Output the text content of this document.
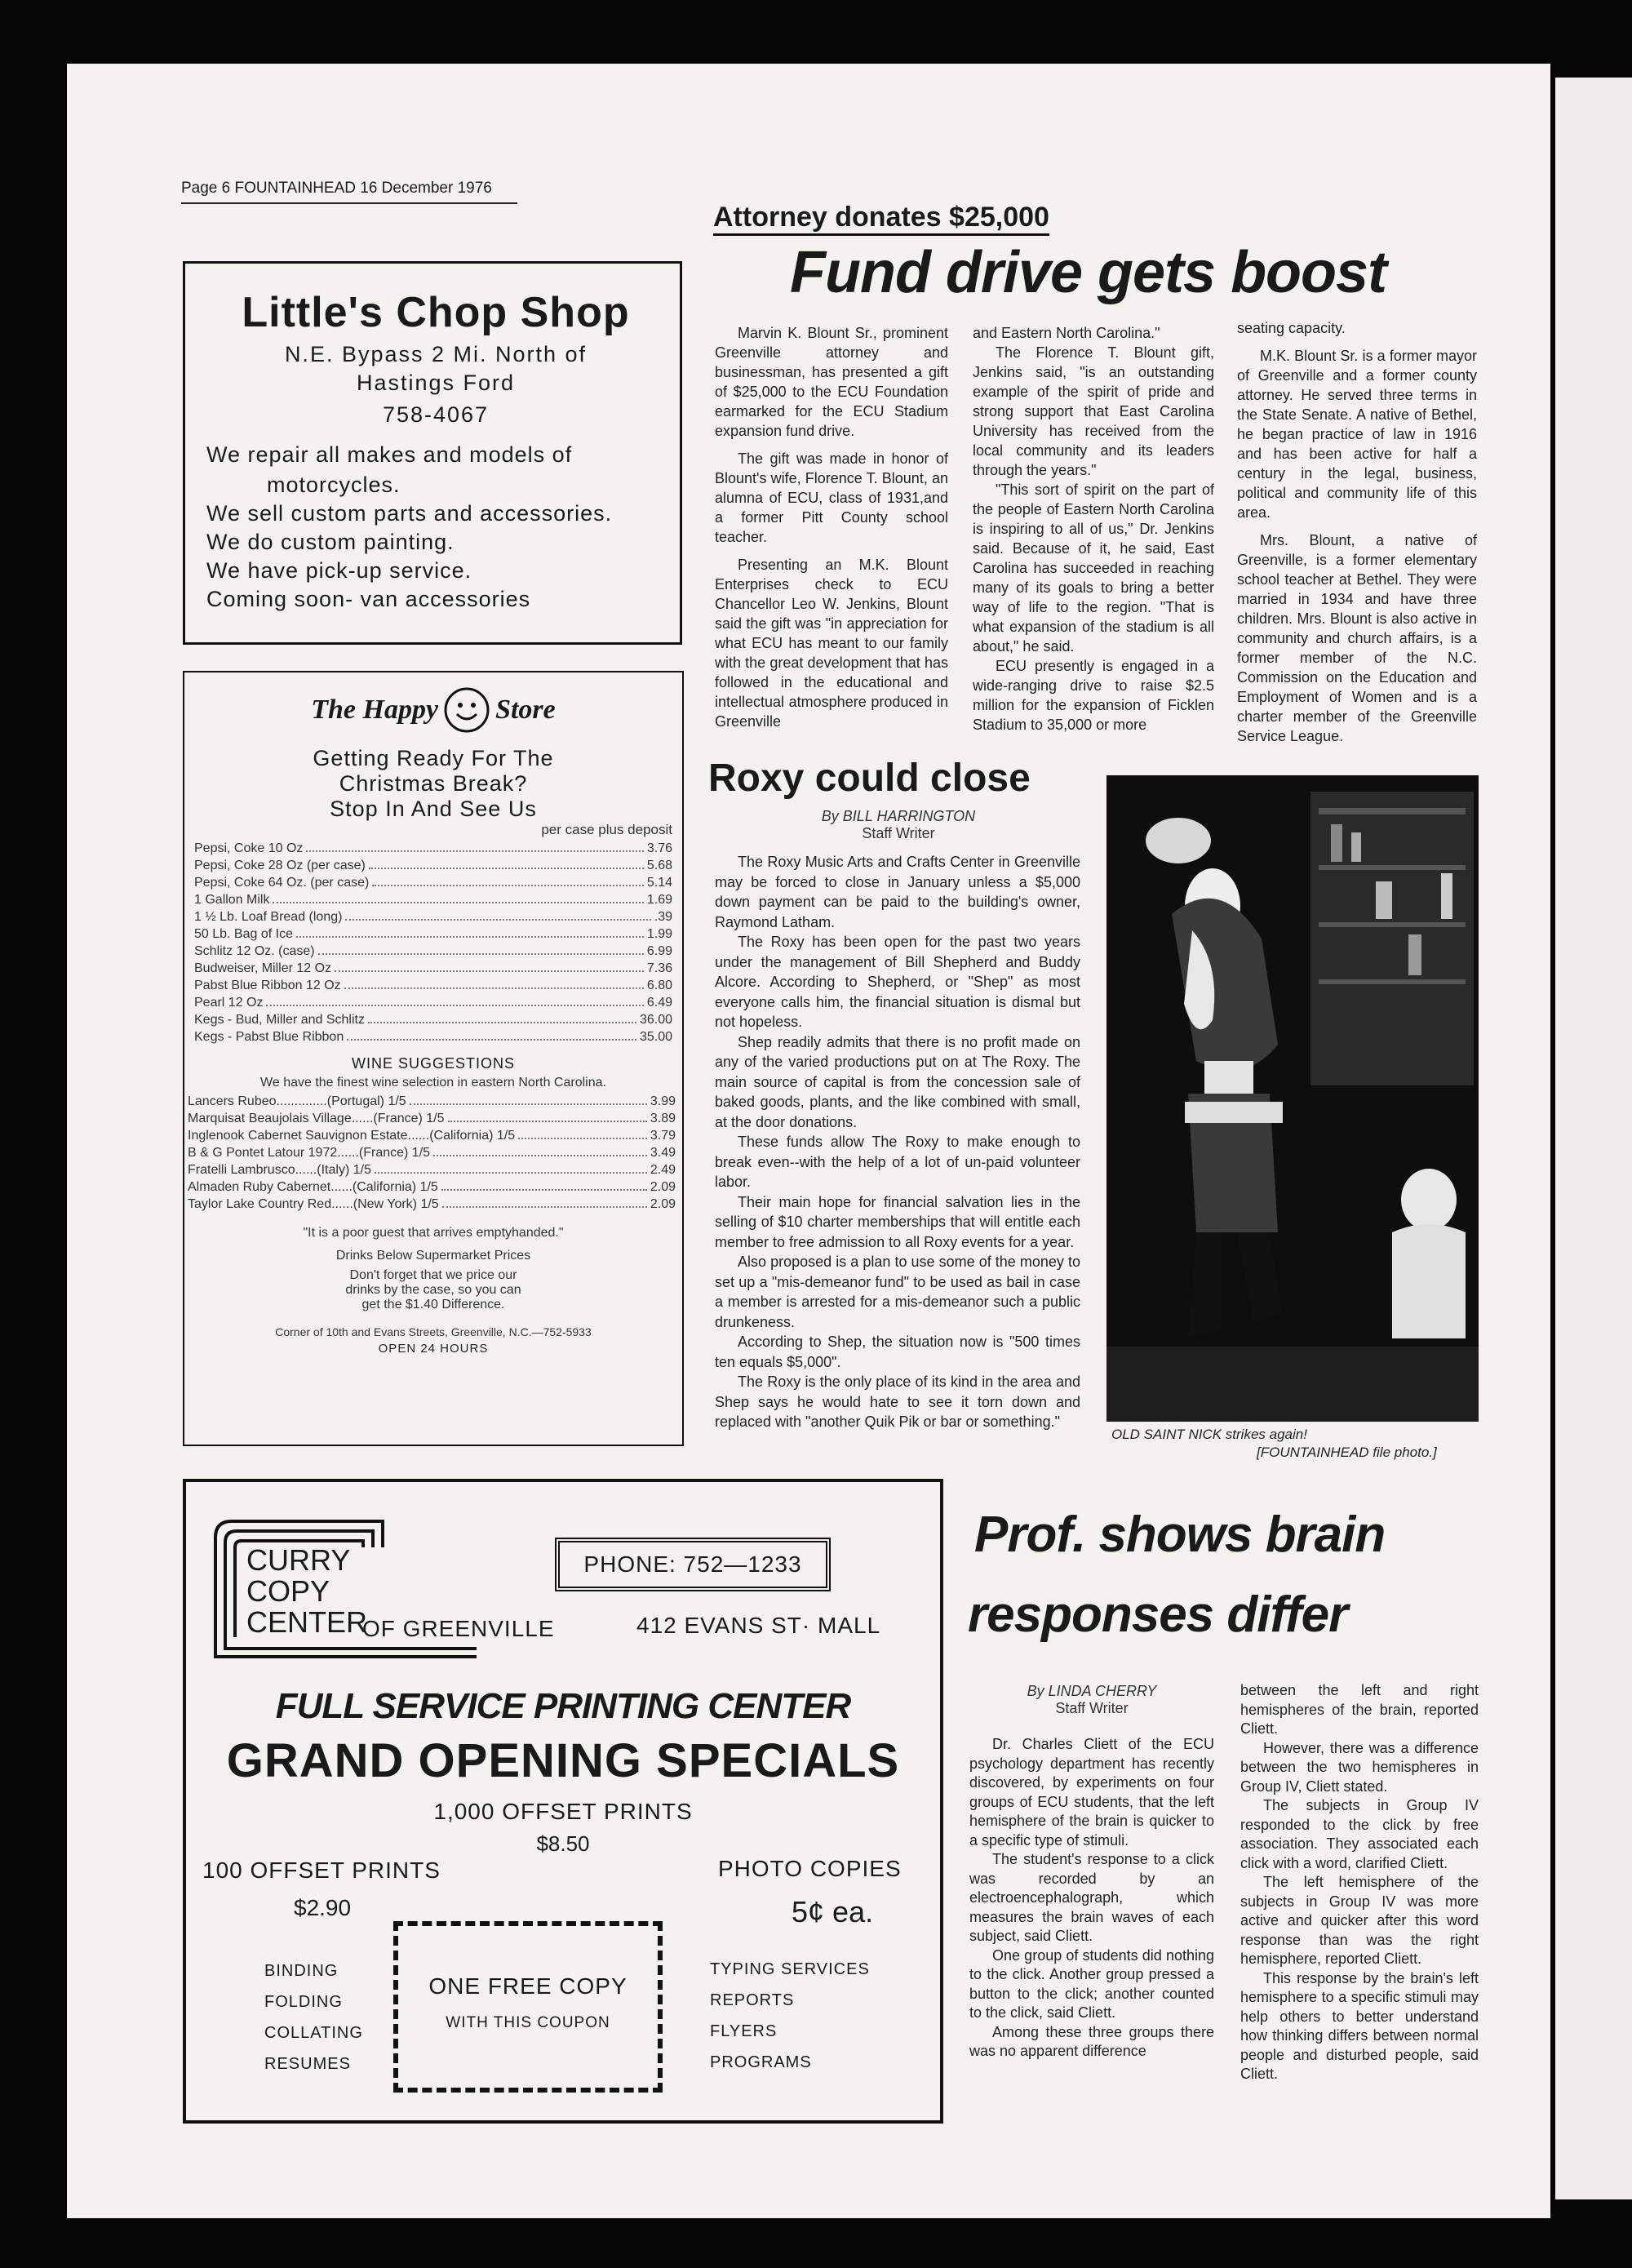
Page 6 FOUNTAINHEAD 16 December 1976
Little's Chop Shop
N.E. Bypass 2 Mi. North of
Hastings Ford
758-4067
We repair all makes and models of
motorcycles.
We sell custom parts and accessories.
We do custom painting.
We have pick-up service.
Coming soon- van accessories
The Happy Store
Getting Ready For The
Christmas Break?
Stop In And See Us
per case plus deposit
Pepsi, Coke 10 Oz	3.76
Pepsi, Coke 28 Oz (per case)	5.68
Pepsi, Coke 64 Oz. (per case)	5.14
1 Gallon Milk	1.69
1 ½ Lb. Loaf Bread (long)	.39
50 Lb. Bag of Ice	1.99
Schlitz 12 Oz. (case)	6.99
Budweiser, Miller 12 Oz	7.36
Pabst Blue Ribbon 12 Oz	6.80
Pearl 12 Oz	6.49
Kegs - Bud, Miller and Schlitz	36.00
Kegs - Pabst Blue Ribbon	35.00
WINE SUGGESTIONS
We have the finest wine selection in eastern North Carolina.
Lancers Rubeo..............(Portugal) 1/5	3.99
Marquisat Beaujolais Village......(France) 1/5	3.89
Inglenook Cabernet Sauvignon Estate......(California) 1/5	3.79
B & G Pontet Latour 1972......(France) 1/5	3.49
Fratelli Lambrusco......(Italy) 1/5	2.49
Almaden Ruby Cabernet......(California) 1/5	2.09
Taylor Lake Country Red......(New York) 1/5	2.09
"It is a poor guest that arrives emptyhanded."
Drinks Below Supermarket Prices
Don't forget that we price our
drinks by the case, so you can
get the $1.40 Difference.
Corner of 10th and Evans Streets, Greenville, N.C.—752-5933
OPEN 24 HOURS
Attorney donates $25,000
Fund drive gets boost

Marvin K. Blount Sr., prominent Greenville attorney and businessman, has presented a gift of $25,000 to the ECU Foundation earmarked for the ECU Stadium expansion fund drive.

The gift was made in honor of Blount's wife, Florence T. Blount, an alumna of ECU, class of 1931,and a former Pitt County school teacher.

Presenting an M.K. Blount Enterprises check to ECU Chancellor Leo W. Jenkins, Blount said the gift was "in appreciation for what ECU has meant to our family with the great development that has followed in the educational and intellectual atmosphere produced in Greenville

and Eastern North Carolina."

The Florence T. Blount gift, Jenkins said, "is an outstanding example of the spirit of pride and strong support that East Carolina University has received from the local community and its leaders through the years."

"This sort of spirit on the part of the people of Eastern North Carolina is inspiring to all of us," Dr. Jenkins said. Because of it, he said, East Carolina has succeeded in reaching many of its goals to bring a better way of life to the region. "That is what expansion of the stadium is all about," he said.

ECU presently is engaged in a wide-ranging drive to raise $2.5 million for the expansion of Ficklen Stadium to 35,000 or more

seating capacity.

M.K. Blount Sr. is a former mayor of Greenville and a former county attorney. He served three terms in the State Senate. A native of Bethel, he began practice of law in 1916 and has been active for half a century in the legal, business, political and community life of this area.

Mrs. Blount, a native of Greenville, is a former elementary school teacher at Bethel. They were married in 1934 and have three children. Mrs. Blount is also active in community and church affairs, is a former member of the N.C. Commission on the Education and Employment of Women and is a charter member of the Greenville Service League.

Roxy could close
By BILL HARRINGTON
Staff Writer

The Roxy Music Arts and Crafts Center in Greenville may be forced to close in January unless a $5,000 down payment can be paid to the building's owner, Raymond Latham.

The Roxy has been open for the past two years under the management of Bill Shepherd and Buddy Alcore. According to Shepherd, or "Shep" as most everyone calls him, the financial situation is dismal but not hopeless.

Shep readily admits that there is no profit made on any of the varied productions put on at The Roxy. The main source of capital is from the concession sale of baked goods, plants, and the like combined with small, at the door donations.

These funds allow The Roxy to make enough to break even--with the help of a lot of un-paid volunteer labor.

Their main hope for financial salvation lies in the selling of $10 charter memberships that will entitle each member to free admission to all Roxy events for a year.

Also proposed is a plan to use some of the money to set up a "mis-demeanor fund" to be used as bail in case a member is arrested for a mis-demeanor such a public drunkeness.

According to Shep, the situation now is "500 times ten equals $5,000".

The Roxy is the only place of its kind in the area and Shep says he would hate to see it torn down and replaced with "another Quik Pik or bar or something."

OLD SAINT NICK strikes again!
[FOUNTAINHEAD file photo.]
CURRY
COPY
CENTER
OF GREENVILLE
PHONE: 752—1233
412 EVANS ST· MALL
FULL SERVICE PRINTING CENTER
GRAND OPENING SPECIALS
1,000 OFFSET PRINTS
$8.50
100 OFFSET PRINTS
$2.90
PHOTO COPIES
5¢ ea.
BINDING
FOLDING
COLLATING
RESUMES
ONE FREE COPY
WITH THIS COUPON
TYPING SERVICES
REPORTS
FLYERS
PROGRAMS
Prof. shows brain
responses differ
By LINDA CHERRY
Staff Writer

Dr. Charles Cliett of the ECU psychology department has recently discovered, by experiments on four groups of ECU students, that the left hemisphere of the brain is quicker to a specific type of stimuli.

The student's response to a click was recorded by an electroencephalograph, which measures the brain waves of each subject, said Cliett.

One group of students did nothing to the click. Another group pressed a button to the click; another counted to the click, said Cliett.

Among these three groups there was no apparent difference

between the left and right hemispheres of the brain, reported Cliett.

However, there was a difference between the two hemispheres in Group IV, Cliett stated.

The subjects in Group IV responded to the click by free association. They associated each click with a word, clarified Cliett.

The left hemisphere of the subjects in Group IV was more active and quicker after this word response than was the right hemisphere, reported Cliett.

This response by the brain's left hemisphere to a specific stimuli may help others to better understand how thinking differs between normal people and disturbed people, said Cliett.
